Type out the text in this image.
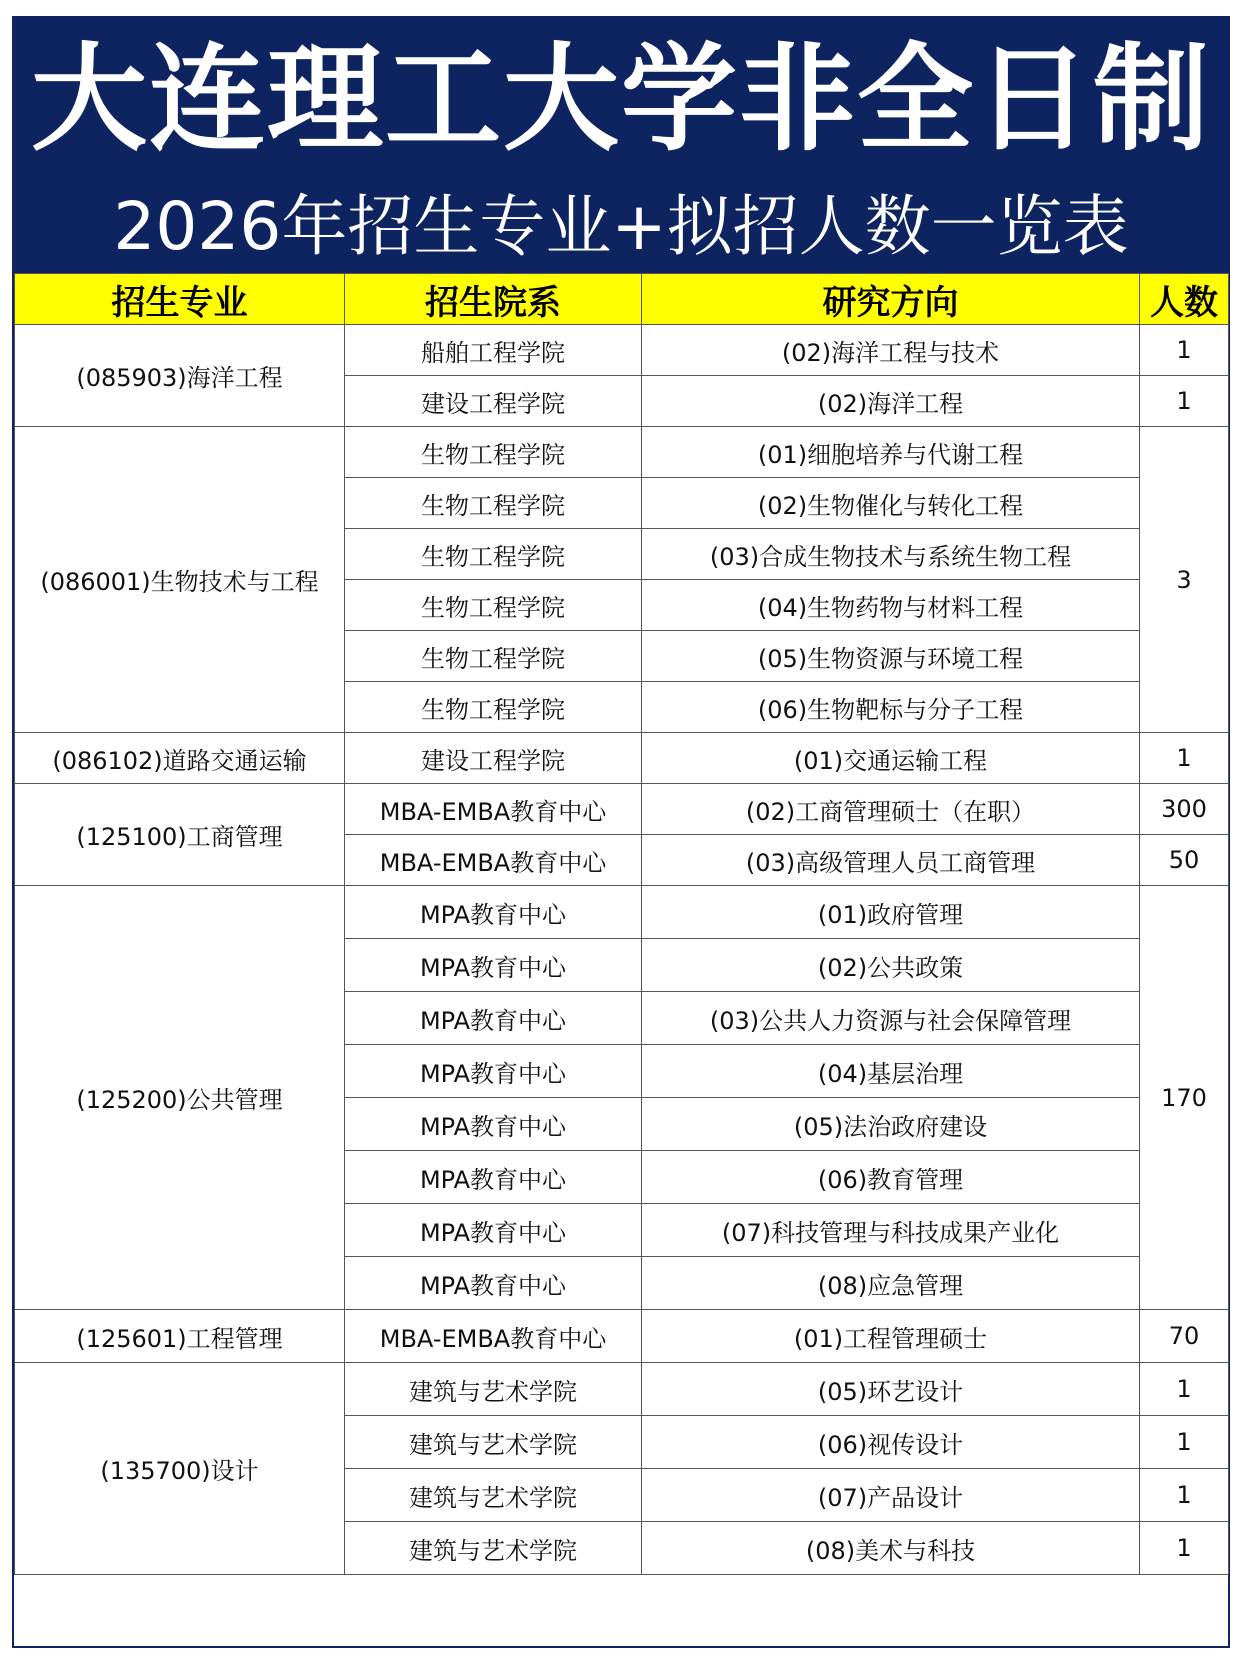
大连理工大学非全日制
2026年招生专业+拟招人数一览表
招生专业	招生院系	研究方向	人数
(085903)海洋工程	船舶工程学院	(02)海洋工程与技术	1
	建设工程学院	(02)海洋工程	1
(086001)生物技术与工程	生物工程学院	(01)细胞培养与代谢工程	3
	生物工程学院	(02)生物催化与转化工程	
	生物工程学院	(03)合成生物技术与系统生物工程	
	生物工程学院	(04)生物药物与材料工程	
	生物工程学院	(05)生物资源与环境工程	
	生物工程学院	(06)生物靶标与分子工程	
(086102)道路交通运输	建设工程学院	(01)交通运输工程	1
(125100)工商管理	MBA-EMBA教育中心	(02)工商管理硕士（在职）	300
	MBA-EMBA教育中心	(03)高级管理人员工商管理	50
(125200)公共管理	MPA教育中心	(01)政府管理	170
	MPA教育中心	(02)公共政策	
	MPA教育中心	(03)公共人力资源与社会保障管理	
	MPA教育中心	(04)基层治理	
	MPA教育中心	(05)法治政府建设	
	MPA教育中心	(06)教育管理	
	MPA教育中心	(07)科技管理与科技成果产业化	
	MPA教育中心	(08)应急管理	
(125601)工程管理	MBA-EMBA教育中心	(01)工程管理硕士	70
(135700)设计	建筑与艺术学院	(05)环艺设计	1
	建筑与艺术学院	(06)视传设计	1
	建筑与艺术学院	(07)产品设计	1
	建筑与艺术学院	(08)美术与科技	1
